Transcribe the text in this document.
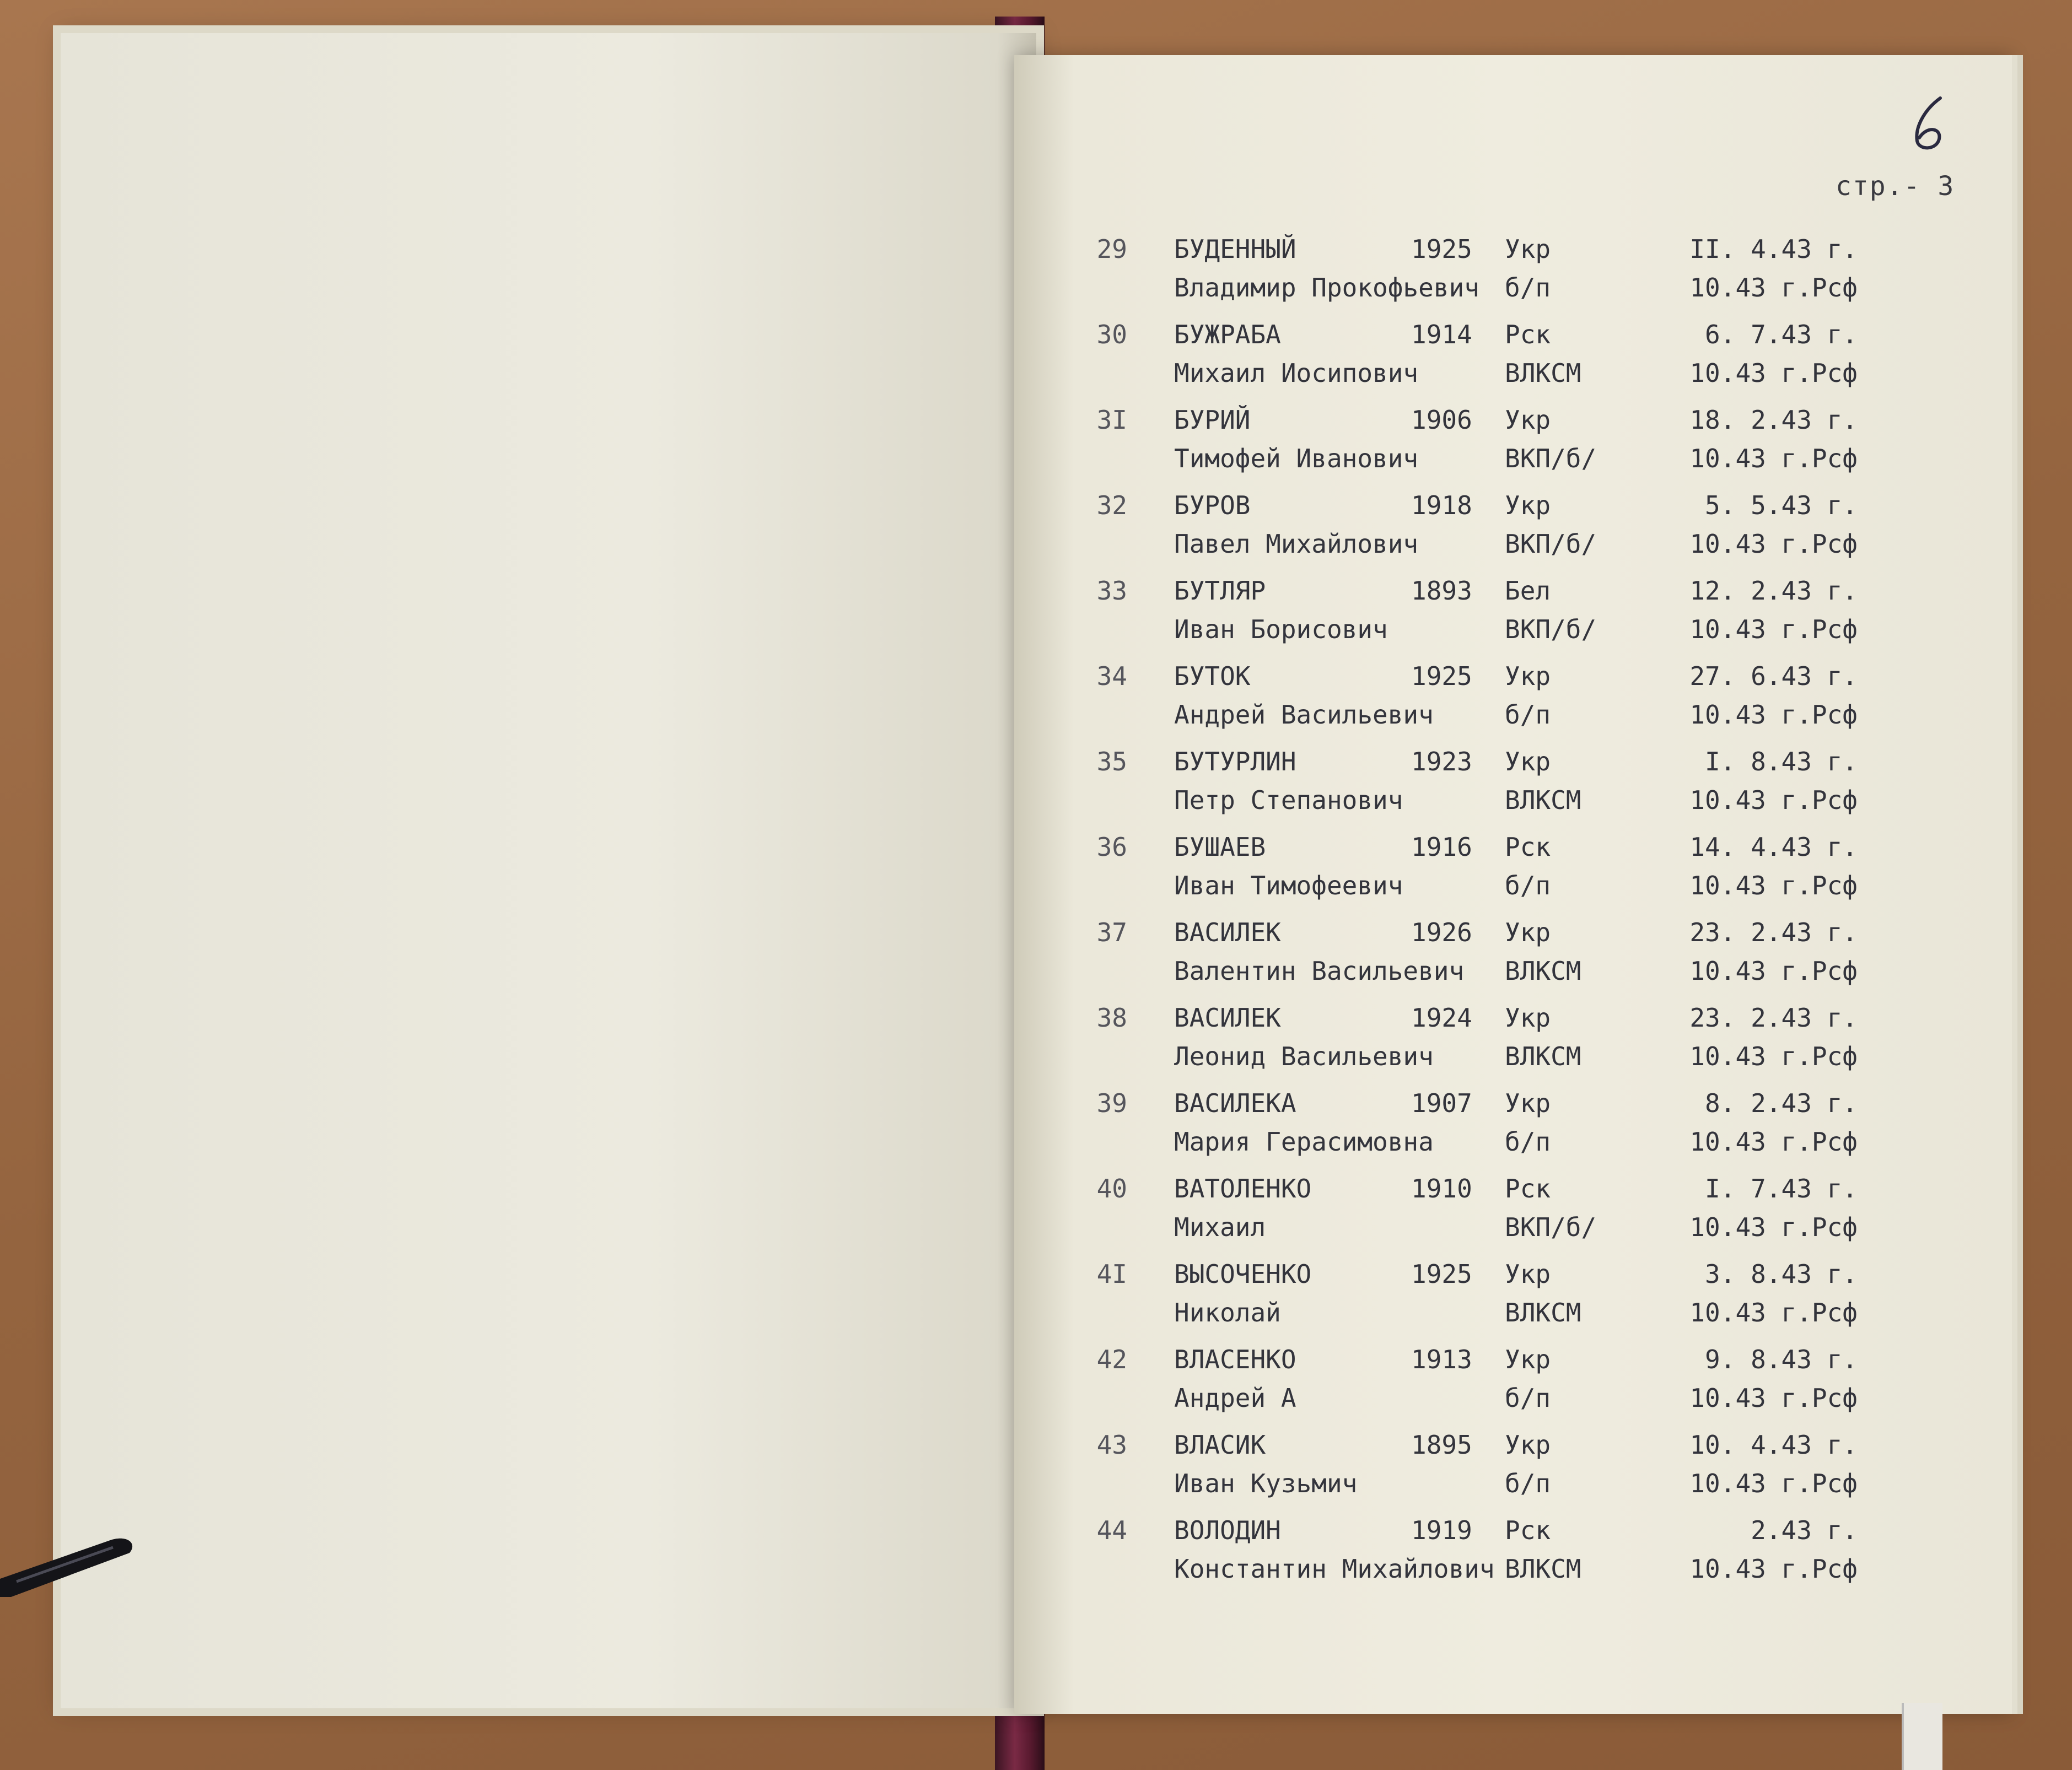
стр.- 3
29 БУДЕННЫЙ
Владимир Прокофьевич
1925 Укр
б/п
II. 4.43 г.
10.43 г.Рсф
30 БУЖРАБА
Михаил Иосипович
1914 Рск
ВЛКСМ
6. 7.43 г.
10.43 г.Рсф
3I БУРИЙ
Тимофей Иванович
1906 Укр
ВКП/б/
18. 2.43 г.
10.43 г.Рсф
32 БУРОВ
Павел Михайлович
1918 Укр
ВКП/б/
5. 5.43 г.
10.43 г.Рсф
33 БУТЛЯР
Иван Борисович
1893 Бел
ВКП/б/
12. 2.43 г.
10.43 г.Рсф
34 БУТОК
Андрей Васильевич
1925 Укр
б/п
27. 6.43 г.
10.43 г.Рсф
35 БУТУРЛИН
Петр Степанович
1923 Укр
ВЛКСМ
I. 8.43 г.
10.43 г.Рсф
36 БУШАЕВ
Иван Тимофеевич
1916 Рск
б/п
14. 4.43 г.
10.43 г.Рсф
37 ВАСИЛЕК
Валентин Васильевич
1926 Укр
ВЛКСМ
23. 2.43 г.
10.43 г.Рсф
38 ВАСИЛЕК
Леонид Васильевич
1924 Укр
ВЛКСМ
23. 2.43 г.
10.43 г.Рсф
39 ВАСИЛЕКА
Мария Герасимовна
1907 Укр
б/п
8. 2.43 г.
10.43 г.Рсф
40 ВАТОЛЕНКО
Михаил
1910 Рск
ВКП/б/
I. 7.43 г.
10.43 г.Рсф
4I ВЫСОЧЕНКО
Николай
1925 Укр
ВЛКСМ
3. 8.43 г.
10.43 г.Рсф
42 ВЛАСЕНКО
Андрей А
1913 Укр
б/п
9. 8.43 г.
10.43 г.Рсф
43 ВЛАСИК
Иван Кузьмич
1895 Укр
б/п
10. 4.43 г.
10.43 г.Рсф
44 ВОЛОДИН
Константин Михайлович
1919 Рск
ВЛКСМ
2.43 г.
10.43 г.Рсф
